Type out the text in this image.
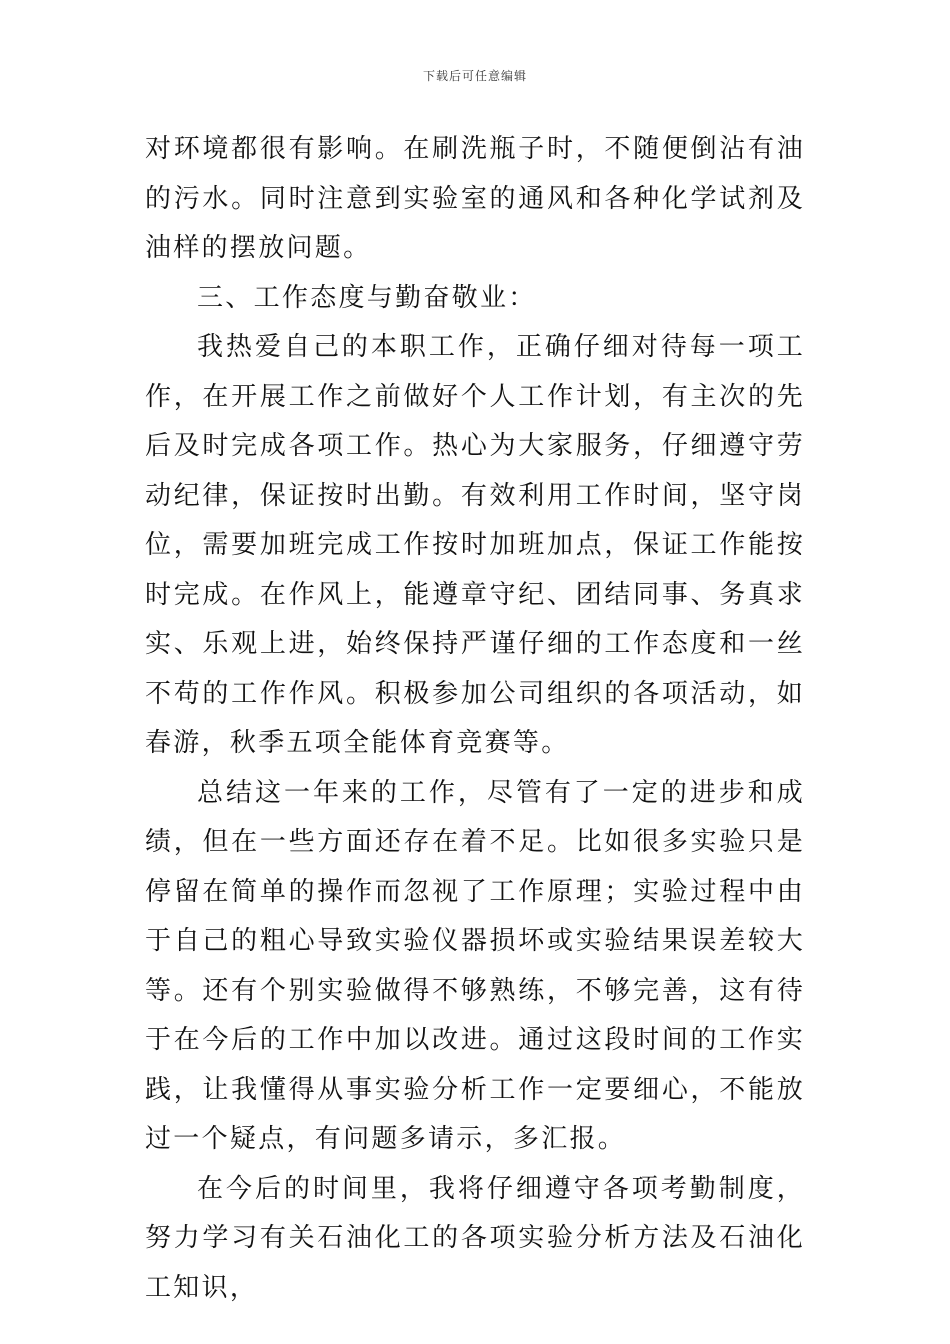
下载后可任意编辑

对环境都很有影响。在刷洗瓶子时，不随便倒沾有油的污水。同时注意到实验室的通风和各种化学试剂及油样的摆放问题。

三、工作态度与勤奋敬业：

我热爱自己的本职工作，正确仔细对待每一项工作，在开展工作之前做好个人工作计划，有主次的先后及时完成各项工作。热心为大家服务，仔细遵守劳动纪律，保证按时出勤。有效利用工作时间，坚守岗位，需要加班完成工作按时加班加点，保证工作能按时完成。在作风上，能遵章守纪、团结同事、务真求实、乐观上进，始终保持严谨仔细的工作态度和一丝不苟的工作作风。积极参加公司组织的各项活动，如春游，秋季五项全能体育竞赛等。

总结这一年来的工作，尽管有了一定的进步和成绩，但在一些方面还存在着不足。比如很多实验只是停留在简单的操作而忽视了工作原理；实验过程中由于自己的粗心导致实验仪器损坏或实验结果误差较大等。还有个别实验做得不够熟练，不够完善，这有待于在今后的工作中加以改进。通过这段时间的工作实践，让我懂得从事实验分析工作一定要细心，不能放过一个疑点，有问题多请示，多汇报。

在今后的时间里，我将仔细遵守各项考勤制度，努力学习有关石油化工的各项实验分析方法及石油化工知识，
